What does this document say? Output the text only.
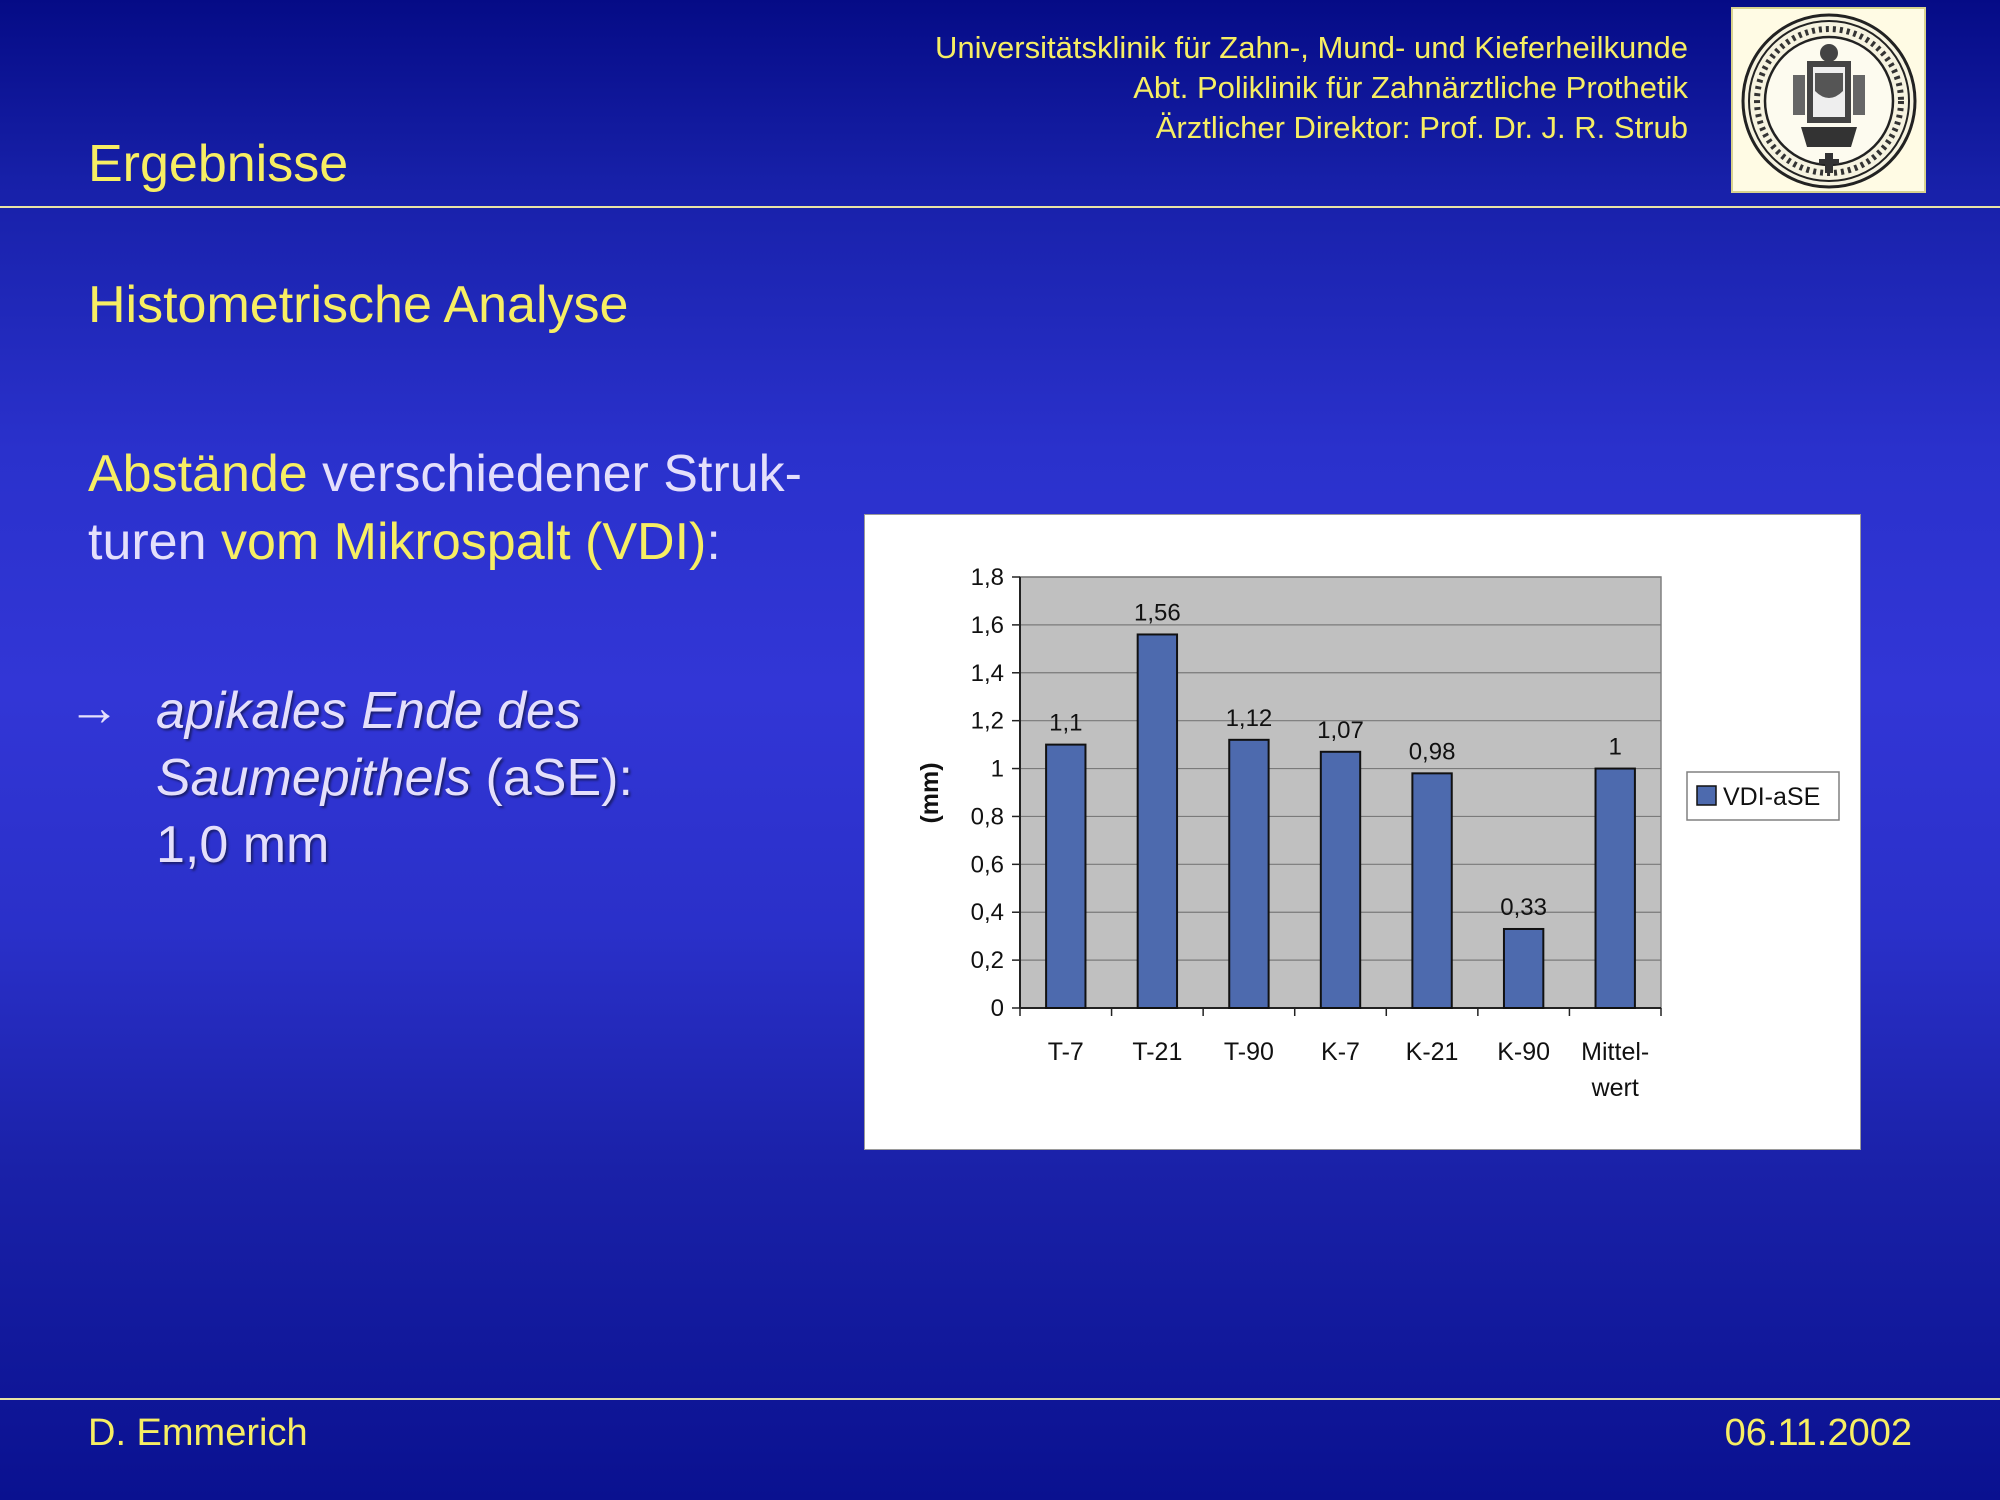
Universitätsklinik für Zahn-, Mund- und Kieferheilkunde
Abt. Poliklinik für Zahnärztliche Prothetik
Ärztlicher Direktor: Prof. Dr. J. R. Strub
Ergebnisse
Histometrische Analyse
Abstände verschiedener Struk-
turen vom Mikrospalt (VDI):
→ apikales Ende des
Saumepithels (aSE):
1,0 mm
0
0,2
0,4
0,6
0,8
1
1,2
1,4
1,6
1,8
1,1
T-7
1,56
T-21
1,12
T-90
1,07
K-7
0,98
K-21
0,33
K-90
1
Mittel-
wert
(mm)	VDI-aSE
D. Emmerich	06.11.2002
